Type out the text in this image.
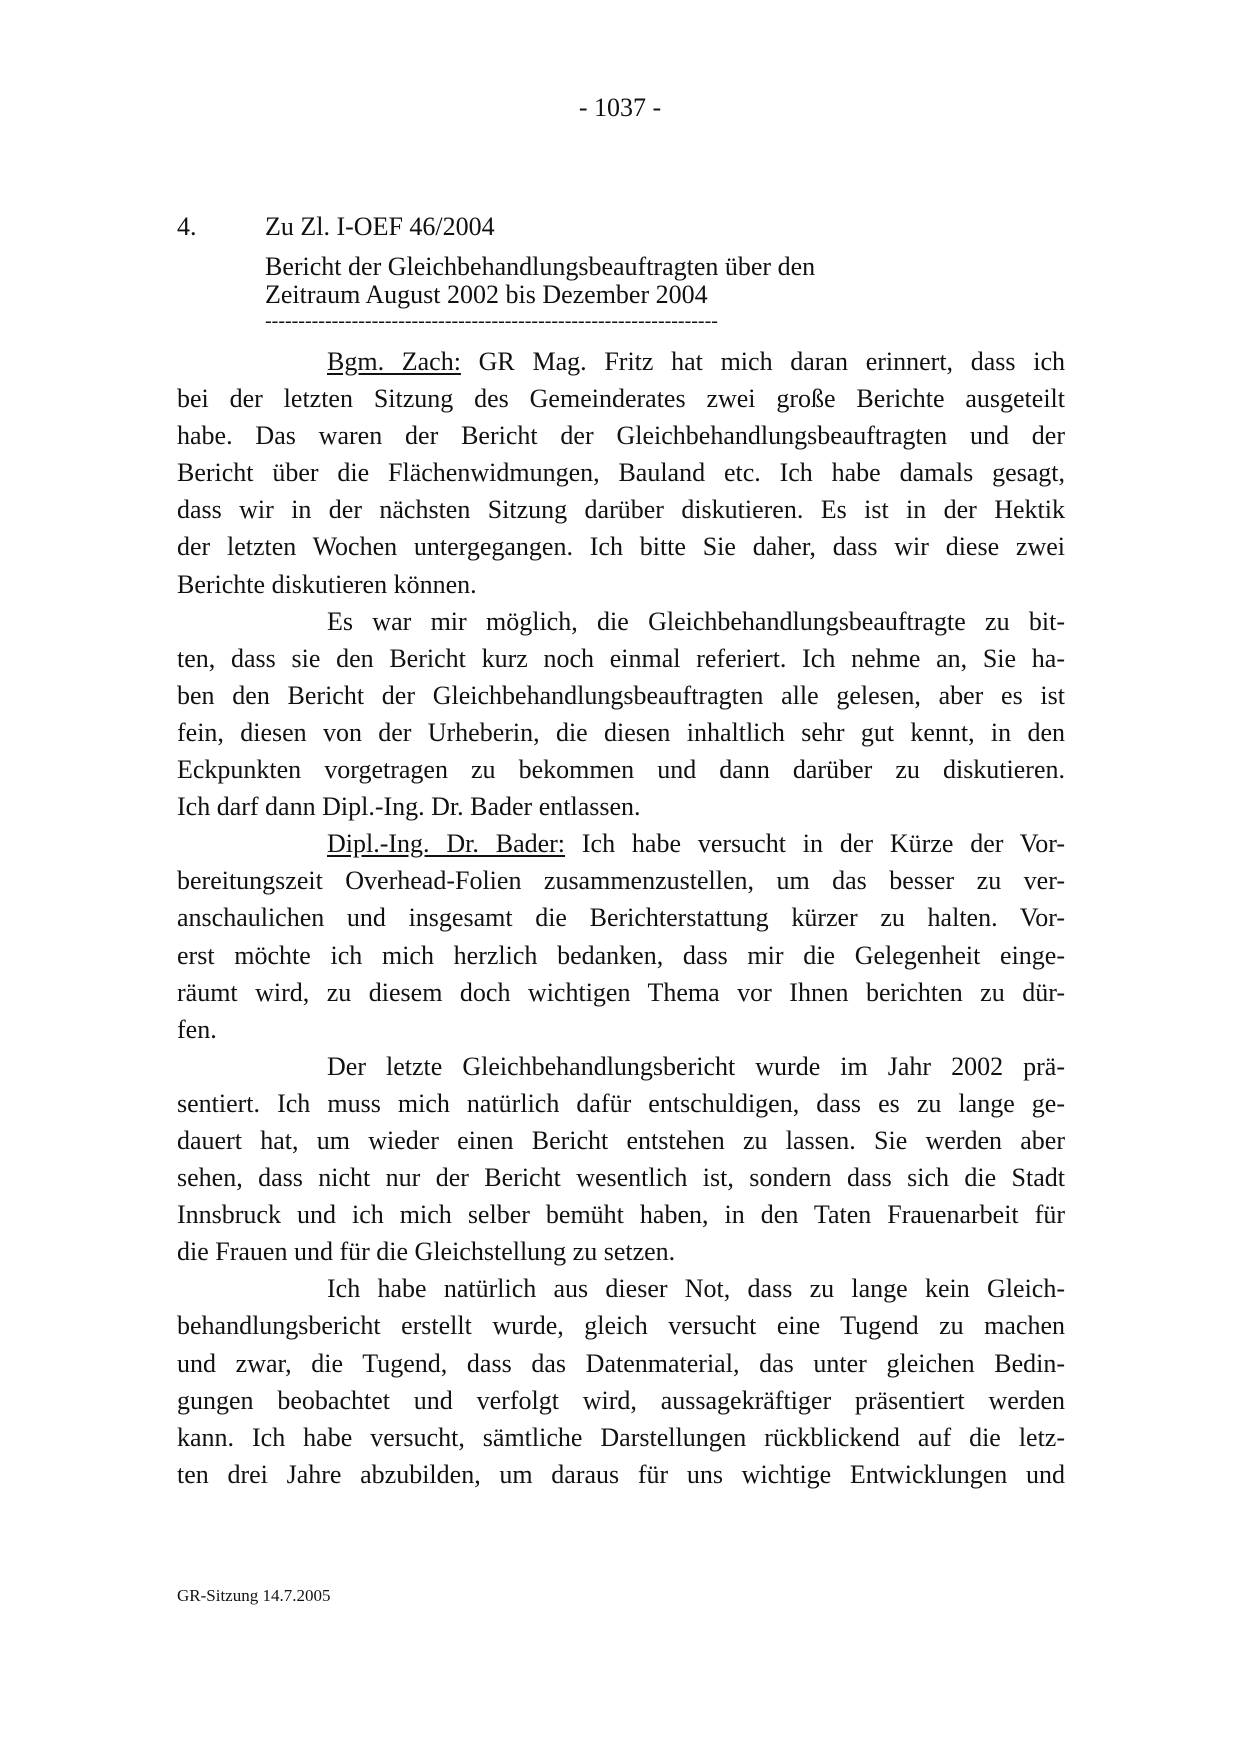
- 1037 -
4.	Zu Zl. I-OEF 46/2004
Bericht der Gleichbehandlungsbeauftragten über den
Zeitraum August 2002 bis Dezember 2004
--------------------------------------------------------------------
Bgm. Zach: GR Mag. Fritz hat mich daran erinnert, dass ich
bei der letzten Sitzung des Gemeinderates zwei große Berichte ausgeteilt
habe. Das waren der Bericht der Gleichbehandlungsbeauftragten und der
Bericht über die Flächenwidmungen, Bauland etc. Ich habe damals gesagt,
dass wir in der nächsten Sitzung darüber diskutieren. Es ist in der Hektik
der letzten Wochen untergegangen. Ich bitte Sie daher, dass wir diese zwei
Berichte diskutieren können.
Es war mir möglich, die Gleichbehandlungsbeauftragte zu bit-
ten, dass sie den Bericht kurz noch einmal referiert. Ich nehme an, Sie ha-
ben den Bericht der Gleichbehandlungsbeauftragten alle gelesen, aber es ist
fein, diesen von der Urheberin, die diesen inhaltlich sehr gut kennt, in den
Eckpunkten vorgetragen zu bekommen und dann darüber zu diskutieren.
Ich darf dann Dipl.-Ing. Dr. Bader entlassen.
Dipl.-Ing. Dr. Bader: Ich habe versucht in der Kürze der Vor-
bereitungszeit Overhead-Folien zusammenzustellen, um das besser zu ver-
anschaulichen und insgesamt die Berichterstattung kürzer zu halten. Vor-
erst möchte ich mich herzlich bedanken, dass mir die Gelegenheit einge-
räumt wird, zu diesem doch wichtigen Thema vor Ihnen berichten zu dür-
fen.
Der letzte Gleichbehandlungsbericht wurde im Jahr 2002 prä-
sentiert. Ich muss mich natürlich dafür entschuldigen, dass es zu lange ge-
dauert hat, um wieder einen Bericht entstehen zu lassen. Sie werden aber
sehen, dass nicht nur der Bericht wesentlich ist, sondern dass sich die Stadt
Innsbruck und ich mich selber bemüht haben, in den Taten Frauenarbeit für
die Frauen und für die Gleichstellung zu setzen.
Ich habe natürlich aus dieser Not, dass zu lange kein Gleich-
behandlungsbericht erstellt wurde, gleich versucht eine Tugend zu machen
und zwar, die Tugend, dass das Datenmaterial, das unter gleichen Bedin-
gungen beobachtet und verfolgt wird, aussagekräftiger präsentiert werden
kann. Ich habe versucht, sämtliche Darstellungen rückblickend auf die letz-
ten drei Jahre abzubilden, um daraus für uns wichtige Entwicklungen und
GR-Sitzung 14.7.2005
